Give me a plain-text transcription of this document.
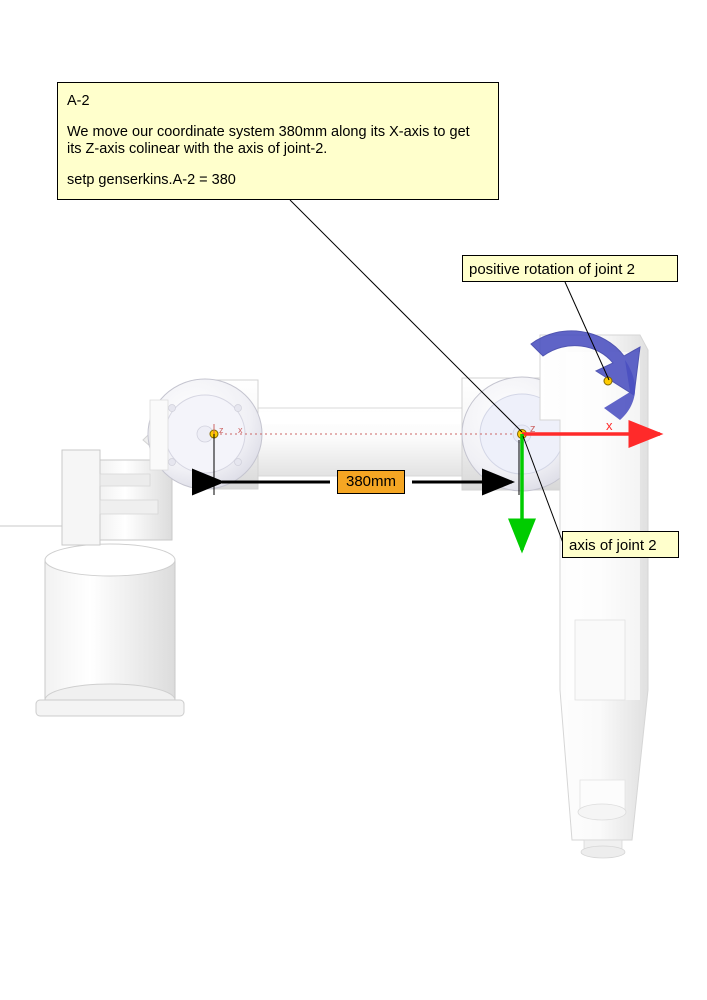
z x	z	x
A-2
We move our coordinate system 380mm along its X-axis to get its Z-axis colinear with the axis of joint-2.
setp genserkins.A-2 = 380
positive rotation of joint 2
axis of joint 2
380mm
